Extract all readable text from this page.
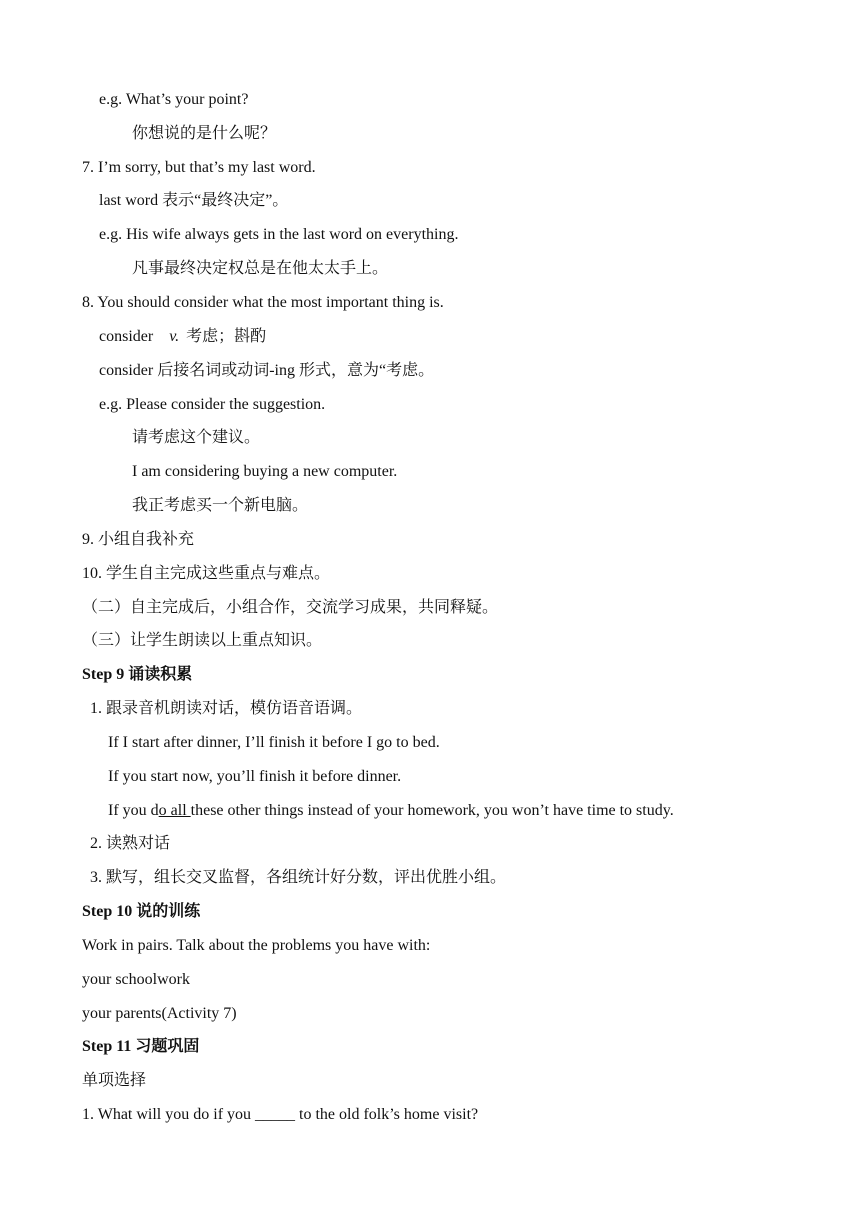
e.g. What’s your point?
你想说的是什么呢？
7. I’m sorry, but that’s my last word.
last word 表示“最终决定”。
e.g. His wife always gets in the last word on everything.
凡事最终决定权总是在他太太手上。
8. You should consider what the most important thing is.
consider v. 考虑；斟酌
consider 后接名词或动词-ing 形式，意为“考虑。
e.g. Please consider the suggestion.
请考虑这个建议。
I am considering buying a new computer.
我正考虑买一个新电脑。
9. 小组自我补充
10. 学生自主完成这些重点与难点。
（二）自主完成后，小组合作，交流学习成果，共同释疑。
（三）让学生朗读以上重点知识。
Step 9 诵读积累
1. 跟录音机朗读对话，模仿语音语调。
If I start after dinner, I’ll finish it before I go to bed.
If you start now, you’ll finish it before dinner.
If you do all these other things instead of your homework, you won’t have time to study.
2. 读熟对话
3. 默写，组长交叉监督，各组统计好分数，评出优胜小组。
Step 10 说的训练
Work in pairs. Talk about the problems you have with:
your schoolwork
your parents(Activity 7)
Step 11 习题巩固
单项选择
1. What will you do if you _____ to the old folk’s home visit?
